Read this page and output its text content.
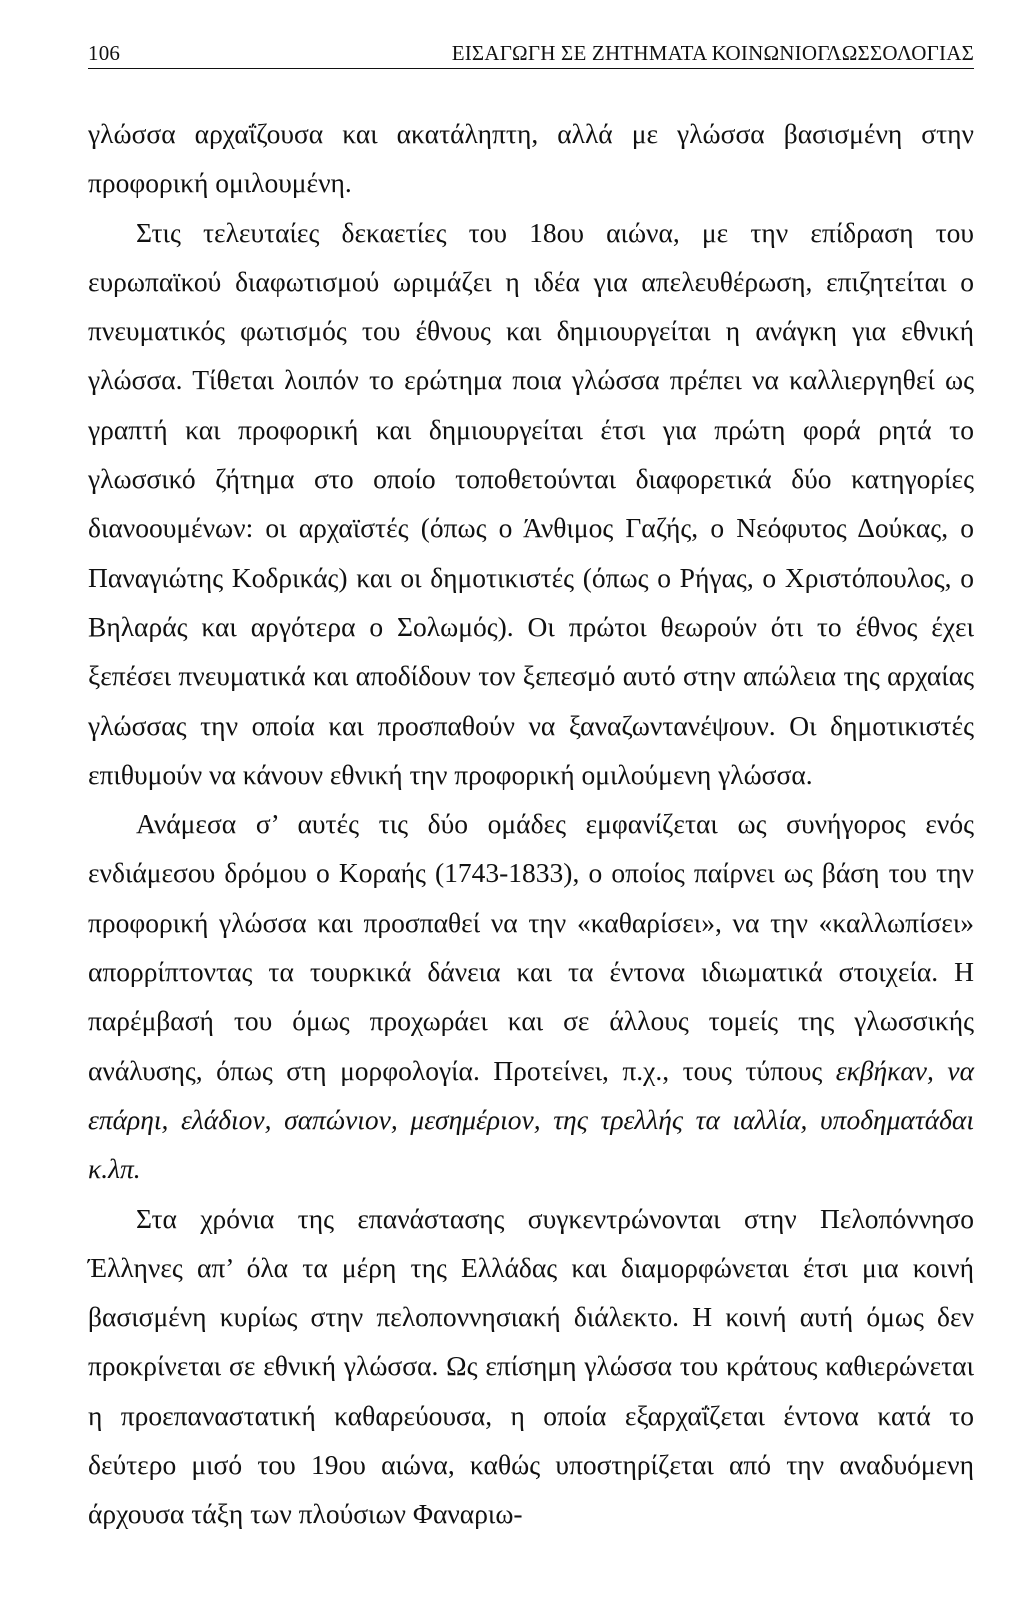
106	ΕΙΣΑΓΩΓΗ ΣΕ ΖΗΤΗΜΑΤΑ ΚΟΙΝΩΝΙΟΓΛΩΣΣΟΛΟΓΙΑΣ

γλώσσα αρχαΐζουσα και ακατάληπτη, αλλά με γλώσσα βασισμένη στην προφορική ομιλουμένη.

Στις τελευταίες δεκαετίες του 18ου αιώνα, με την επίδραση του ευρωπαϊκού διαφωτισμού ωριμάζει η ιδέα για απελευθέρωση, επιζητείται ο πνευματικός φωτισμός του έθνους και δημιουργείται η ανάγκη για εθνική γλώσσα. Τίθεται λοιπόν το ερώτημα ποια γλώσσα πρέπει να καλλιεργηθεί ως γραπτή και προφορική και δημιουργείται έτσι για πρώτη φορά ρητά το γλωσσικό ζήτημα στο οποίο τοποθετούνται διαφορετικά δύο κατηγορίες διανοουμένων: οι αρχαϊστές (όπως ο Άνθιμος Γαζής, ο Νεόφυτος Δούκας, ο Παναγιώτης Κοδρικάς) και οι δημοτικιστές (όπως ο Ρήγας, ο Χριστόπουλος, ο Βηλαράς και αργότερα ο Σολωμός). Οι πρώτοι θεωρούν ότι το έθνος έχει ξεπέσει πνευματικά και αποδίδουν τον ξεπεσμό αυτό στην απώλεια της αρχαίας γλώσσας την οποία και προσπαθούν να ξαναζωντανέψουν. Οι δημοτικιστές επιθυμούν να κάνουν εθνική την προφορική ομιλούμενη γλώσσα.

Ανάμεσα σ’ αυτές τις δύο ομάδες εμφανίζεται ως συνήγορος ενός ενδιάμεσου δρόμου ο Κοραής (1743-1833), ο οποίος παίρνει ως βάση του την προφορική γλώσσα και προσπαθεί να την «καθαρίσει», να την «καλλωπίσει» απορρίπτοντας τα τουρκικά δάνεια και τα έντονα ιδιωματικά στοιχεία. Η παρέμβασή του όμως προχωράει και σε άλλους τομείς της γλωσσικής ανάλυσης, όπως στη μορφολογία. Προτείνει, π.χ., τους τύπους εκβήκαν, να επάρηι, ελάδιον, σαπώνιον, μεσημέριον, της τρελλής τα ιαλλία, υποδηματάδαι κ.λπ.

Στα χρόνια της επανάστασης συγκεντρώνονται στην Πελοπόννησο Έλληνες απ’ όλα τα μέρη της Ελλάδας και διαμορφώνεται έτσι μια κοινή βασισμένη κυρίως στην πελοποννησιακή διάλεκτο. Η κοινή αυτή όμως δεν προκρίνεται σε εθνική γλώσσα. Ως επίσημη γλώσσα του κράτους καθιερώνεται η προεπαναστατική καθαρεύουσα, η οποία εξαρχαΐζεται έντονα κατά το δεύτερο μισό του 19ου αιώνα, καθώς υποστηρίζεται από την αναδυόμενη άρχουσα τάξη των πλούσιων Φαναριω-
